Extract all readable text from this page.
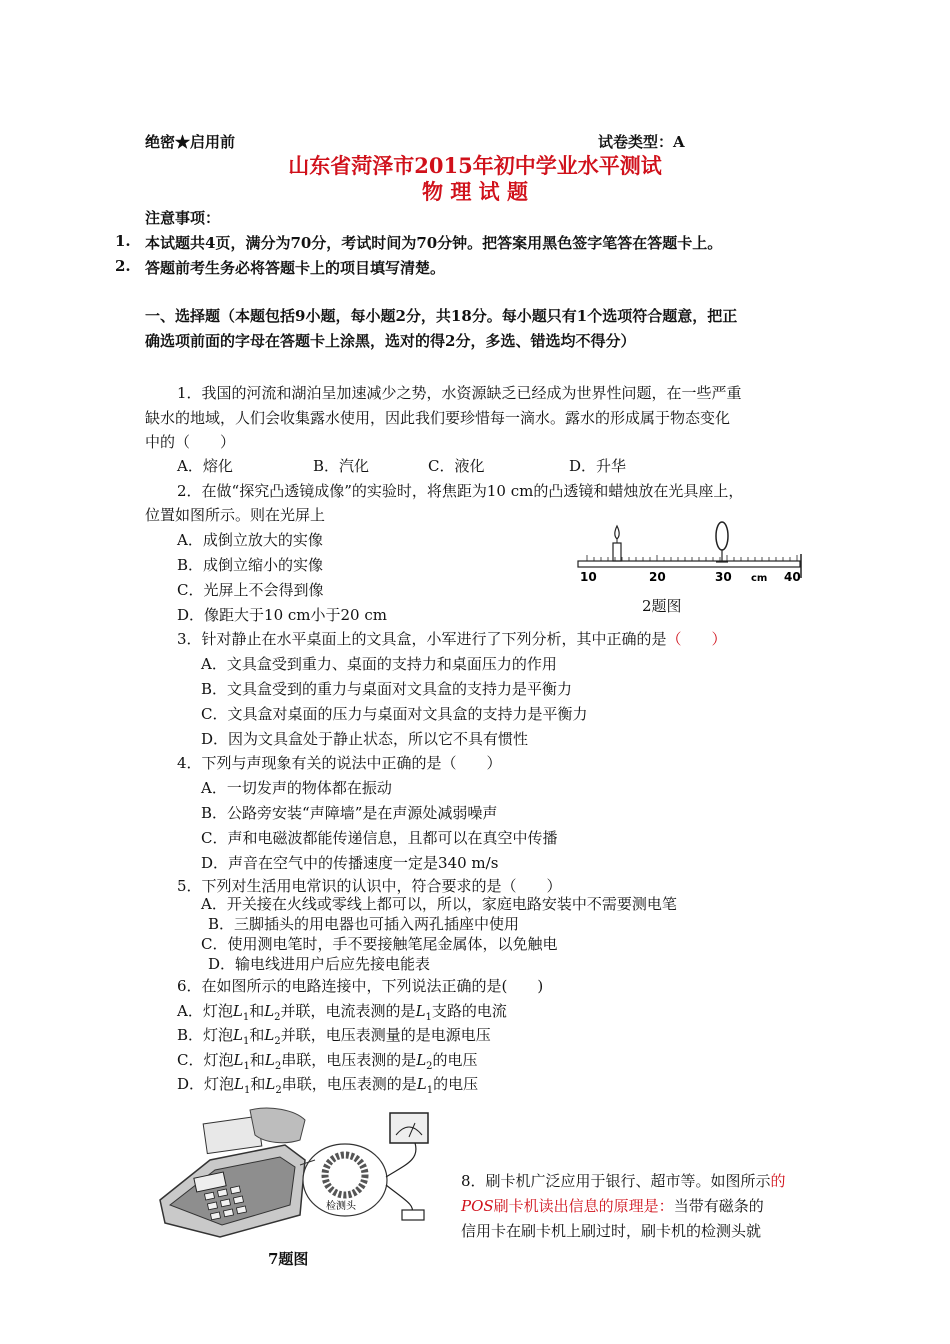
绝密★启用前	试卷类型：A
山东省菏泽市2015年初中学业水平测试
物 理 试 题
注意事项：
1. 本试题共4页，满分为70分，考试时间为70分钟。把答案用黑色签字笔答在答题卡上。
2. 答题前考生务必将答题卡上的项目填写清楚。
一、选择题（本题包括9小题，每小题2分，共18分。每小题只有1个选项符合题意，把正
确选项前面的字母在答题卡上涂黑，选对的得2分，多选、错选均不得分）
1．我国的河流和湖泊呈加速减少之势，水资源缺乏已经成为世界性问题，在一些严重
缺水的地域，人们会收集露水使用，因此我们要珍惜每一滴水。露水的形成属于物态变化
中的（　　）
A．熔化	B．汽化	C．液化	D．升华
2．在做“探究凸透镜成像”的实验时，将焦距为10 cm的凸透镜和蜡烛放在光具座上，
位置如图所示。则在光屏上
A．成倒立放大的实像
B．成倒立缩小的实像
C．光屏上不会得到像
D．像距大于10 cm小于20 cm
10	20	30 cm 40
2题图
3．针对静止在水平桌面上的文具盒，小军进行了下列分析，其中正确的是（　　）
A．文具盒受到重力、桌面的支持力和桌面压力的作用
B．文具盒受到的重力与桌面对文具盒的支持力是平衡力
C．文具盒对桌面的压力与桌面对文具盒的支持力是平衡力
D．因为文具盒处于静止状态，所以它不具有惯性
4．下列与声现象有关的说法中正确的是（　　）
A．一切发声的物体都在振动
B．公路旁安装“声障墙”是在声源处减弱噪声
C．声和电磁波都能传递信息，且都可以在真空中传播
D．声音在空气中的传播速度一定是340 m/s
5．下列对生活用电常识的认识中，符合要求的是（　　）
A．开关接在火线或零线上都可以，所以，家庭电路安装中不需要测电笔
B．三脚插头的用电器也可插入两孔插座中使用
C．使用测电笔时，手不要接触笔尾金属体，以免触电
D．输电线进用户后应先接电能表
6．在如图所示的电路连接中，下列说法正确的是(　　)
A．灯泡$L_1$和$L_2$并联，电流表测的是$L_1$支路的电流
B．灯泡$L_1$和$L_2$并联，电压表测量的是电源电压
C．灯泡$L_1$和$L_2$串联，电压表测的是$L_2$的电压
D．灯泡$L_1$和$L_2$串联，电压表测的是$L_1$的电压
检测头
7题图
8．刷卡机广泛应用于银行、超市等。如图所示的
POS刷卡机读出信息的原理是：当带有磁条的
信用卡在刷卡机上刷过时，刷卡机的检测头就
